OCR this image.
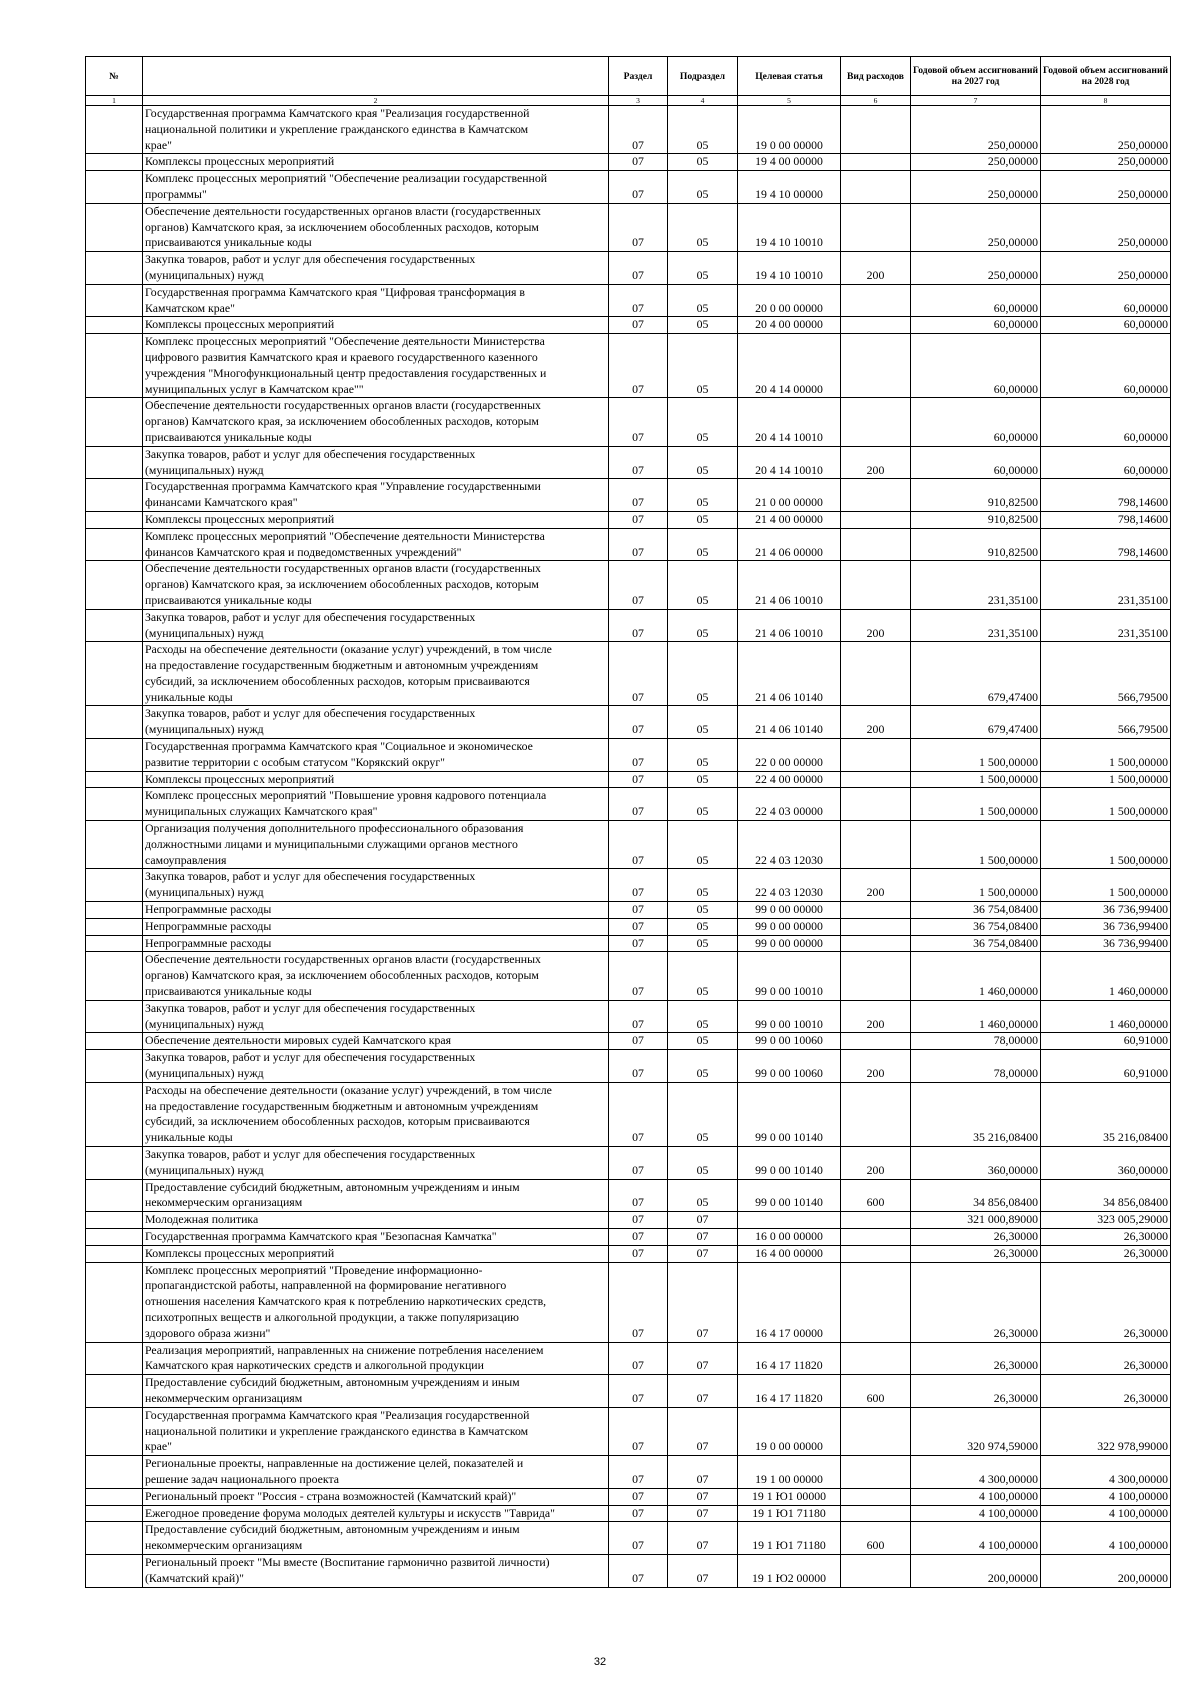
№		Раздел	Подраздел	Целевая статья	Вид расходов	Годовой объем ассигнований на 2027 год	Годовой объем ассигнований на 2028 год
1	2	3	4	5	6	7	8
	Государственная программа Камчатского края "Реализация государственной
национальной политики и укрепление гражданского единства в Камчатском
крае"	07	05	19 0 00 00000		250,00000	250,00000
	Комплексы процессных мероприятий	07	05	19 4 00 00000		250,00000	250,00000
	Комплекс процессных мероприятий "Обеспечение реализации государственной
программы"	07	05	19 4 10 00000		250,00000	250,00000
	Обеспечение деятельности государственных органов власти (государственных
органов) Камчатского края, за исключением обособленных расходов, которым
присваиваются уникальные коды	07	05	19 4 10 10010		250,00000	250,00000
	Закупка товаров, работ и услуг для обеспечения государственных
(муниципальных) нужд	07	05	19 4 10 10010	200	250,00000	250,00000
	Государственная программа Камчатского края "Цифровая трансформация в
Камчатском крае"	07	05	20 0 00 00000		60,00000	60,00000
	Комплексы процессных мероприятий	07	05	20 4 00 00000		60,00000	60,00000
	Комплекс процессных мероприятий "Обеспечение деятельности Министерства
цифрового развития Камчатского края и краевого государственного казенного
учреждения "Многофункциональный центр предоставления государственных и
муниципальных услуг в Камчатском крае""	07	05	20 4 14 00000		60,00000	60,00000
	Обеспечение деятельности государственных органов власти (государственных
органов) Камчатского края, за исключением обособленных расходов, которым
присваиваются уникальные коды	07	05	20 4 14 10010		60,00000	60,00000
	Закупка товаров, работ и услуг для обеспечения государственных
(муниципальных) нужд	07	05	20 4 14 10010	200	60,00000	60,00000
	Государственная программа Камчатского края "Управление государственными
финансами Камчатского края"	07	05	21 0 00 00000		910,82500	798,14600
	Комплексы процессных мероприятий	07	05	21 4 00 00000		910,82500	798,14600
	Комплекс процессных мероприятий "Обеспечение деятельности Министерства
финансов Камчатского края и подведомственных учреждений"	07	05	21 4 06 00000		910,82500	798,14600
	Обеспечение деятельности государственных органов власти (государственных
органов) Камчатского края, за исключением обособленных расходов, которым
присваиваются уникальные коды	07	05	21 4 06 10010		231,35100	231,35100
	Закупка товаров, работ и услуг для обеспечения государственных
(муниципальных) нужд	07	05	21 4 06 10010	200	231,35100	231,35100
	Расходы на обеспечение деятельности (оказание услуг) учреждений, в том числе
на предоставление государственным бюджетным и автономным учреждениям
субсидий, за исключением обособленных расходов, которым присваиваются
уникальные коды	07	05	21 4 06 10140		679,47400	566,79500
	Закупка товаров, работ и услуг для обеспечения государственных
(муниципальных) нужд	07	05	21 4 06 10140	200	679,47400	566,79500
	Государственная программа Камчатского края "Социальное и экономическое
развитие территории с особым статусом "Корякский округ"	07	05	22 0 00 00000		1 500,00000	1 500,00000
	Комплексы процессных мероприятий	07	05	22 4 00 00000		1 500,00000	1 500,00000
	Комплекс процессных мероприятий "Повышение уровня кадрового потенциала
муниципальных служащих Камчатского края"	07	05	22 4 03 00000		1 500,00000	1 500,00000
	Организация получения дополнительного профессионального образования
должностными лицами и муниципальными служащими органов местного
самоуправления	07	05	22 4 03 12030		1 500,00000	1 500,00000
	Закупка товаров, работ и услуг для обеспечения государственных
(муниципальных) нужд	07	05	22 4 03 12030	200	1 500,00000	1 500,00000
	Непрограммные расходы	07	05	99 0 00 00000		36 754,08400	36 736,99400
	Непрограммные расходы	07	05	99 0 00 00000		36 754,08400	36 736,99400
	Непрограммные расходы	07	05	99 0 00 00000		36 754,08400	36 736,99400
	Обеспечение деятельности государственных органов власти (государственных
органов) Камчатского края, за исключением обособленных расходов, которым
присваиваются уникальные коды	07	05	99 0 00 10010		1 460,00000	1 460,00000
	Закупка товаров, работ и услуг для обеспечения государственных
(муниципальных) нужд	07	05	99 0 00 10010	200	1 460,00000	1 460,00000
	Обеспечение деятельности мировых судей Камчатского края	07	05	99 0 00 10060		78,00000	60,91000
	Закупка товаров, работ и услуг для обеспечения государственных
(муниципальных) нужд	07	05	99 0 00 10060	200	78,00000	60,91000
	Расходы на обеспечение деятельности (оказание услуг) учреждений, в том числе
на предоставление государственным бюджетным и автономным учреждениям
субсидий, за исключением обособленных расходов, которым присваиваются
уникальные коды	07	05	99 0 00 10140		35 216,08400	35 216,08400
	Закупка товаров, работ и услуг для обеспечения государственных
(муниципальных) нужд	07	05	99 0 00 10140	200	360,00000	360,00000
	Предоставление субсидий бюджетным, автономным учреждениям и иным
некоммерческим организациям	07	05	99 0 00 10140	600	34 856,08400	34 856,08400
	Молодежная политика	07	07			321 000,89000	323 005,29000
	Государственная программа Камчатского края "Безопасная Камчатка"	07	07	16 0 00 00000		26,30000	26,30000
	Комплексы процессных мероприятий	07	07	16 4 00 00000		26,30000	26,30000
	Комплекс процессных мероприятий "Проведение информационно-
пропагандистской работы, направленной на формирование негативного
отношения населения Камчатского края к потреблению наркотических средств,
психотропных веществ и алкогольной продукции, а также популяризацию
здорового образа жизни"	07	07	16 4 17 00000		26,30000	26,30000
	Реализация мероприятий, направленных на снижение потребления населением
Камчатского края наркотических средств и алкогольной продукции	07	07	16 4 17 11820		26,30000	26,30000
	Предоставление субсидий бюджетным, автономным учреждениям и иным
некоммерческим организациям	07	07	16 4 17 11820	600	26,30000	26,30000
	Государственная программа Камчатского края "Реализация государственной
национальной политики и укрепление гражданского единства в Камчатском
крае"	07	07	19 0 00 00000		320 974,59000	322 978,99000
	Региональные проекты, направленные на достижение целей, показателей и
решение задач национального проекта	07	07	19 1 00 00000		4 300,00000	4 300,00000
	Региональный проект "Россия - страна возможностей (Камчатский край)"	07	07	19 1 Ю1 00000		4 100,00000	4 100,00000
	Ежегодное проведение форума молодых деятелей культуры и искусств "Таврида"	07	07	19 1 Ю1 71180		4 100,00000	4 100,00000
	Предоставление субсидий бюджетным, автономным учреждениям и иным
некоммерческим организациям	07	07	19 1 Ю1 71180	600	4 100,00000	4 100,00000
	Региональный проект "Мы вместе (Воспитание гармонично развитой личности)
(Камчатский край)"	07	07	19 1 Ю2 00000		200,00000	200,00000
32
